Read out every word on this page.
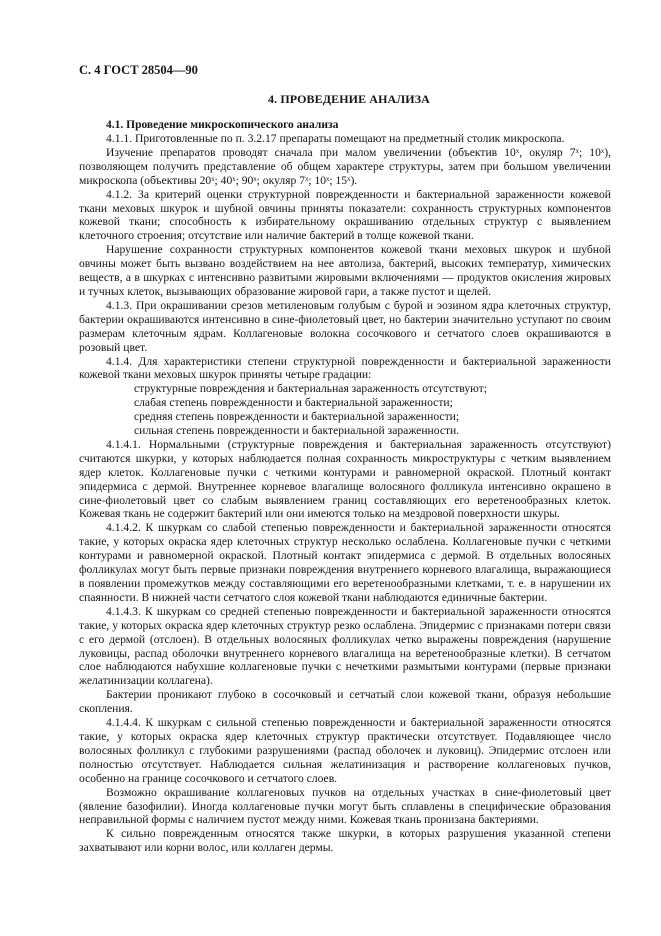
С. 4 ГОСТ 28504—90
4. ПРОВЕДЕНИЕ АНАЛИЗА
4.1. Проведение микроскопического анализа

4.1.1. Приготовленные по п. 3.2.17 препараты помещают на предметный столик микроскопа.

Изучение препаратов проводят сначала при малом увеличении (объектив 10ˣ, окуляр 7ˣ; 10ˣ), позволяющем получить представление об общем характере структуры, затем при большом увеличении микроскопа (объективы 20ˣ; 40ˣ; 90ˣ; окуляр 7ˣ; 10ˣ; 15ˣ).

4.1.2. За критерий оценки структурной поврежденности и бактериальной зараженности кожевой ткани меховых шкурок и шубной овчины приняты показатели: сохранность структурных компонентов кожевой ткани; способность к избирательному окрашиванию отдельных структур с выявлением клеточного строения; отсутствие или наличие бактерий в толще кожевой ткани.

Нарушение сохранности структурных компонентов кожевой ткани меховых шкурок и шубной овчины может быть вызвано воздействием на нее автолиза, бактерий, высоких температур, химических веществ, а в шкурках с интенсивно развитыми жировыми включениями — продуктов окисления жировых и тучных клеток, вызывающих образование жировой гари, а также пустот и щелей.

4.1.3. При окрашивании срезов метиленовым голубым с бурой и эозином ядра клеточных структур, бактерии окрашиваются интенсивно в сине-фиолетовый цвет, но бактерии значительно уступают по своим размерам клеточным ядрам. Коллагеновые волокна сосочкового и сетчатого слоев окрашиваются в розовый цвет.

4.1.4. Для характеристики степени структурной поврежденности и бактериальной зараженности кожевой ткани меховых шкурок приняты четыре градации:

структурные повреждения и бактериальная зараженность отсутствуют;

слабая степень поврежденности и бактериальной зараженности;

средняя степень поврежденности и бактериальной зараженности;

сильная степень поврежденности и бактериальной зараженности.

4.1.4.1. Нормальными (структурные повреждения и бактериальная зараженность отсутствуют) считаются шкурки, у которых наблюдается полная сохранность микроструктуры с четким выявлением ядер клеток. Коллагеновые пучки с четкими контурами и равномерной окраской. Плотный контакт эпидермиса с дермой. Внутреннее корневое влагалище волосяного фолликула интенсивно окрашено в сине-фиолетовый цвет со слабым выявлением границ составляющих его веретенообразных клеток. Кожевая ткань не содержит бактерий или они имеются только на мездровой поверхности шкуры.

4.1.4.2. К шкуркам со слабой степенью поврежденности и бактериальной зараженности относятся такие, у которых окраска ядер клеточных структур несколько ослаблена. Коллагеновые пучки с четкими контурами и равномерной окраской. Плотный контакт эпидермиса с дермой. В отдельных волосяных фолликулах могут быть первые признаки повреждения внутреннего корневого влагалища, выражающиеся в появлении промежутков между составляющими его веретенообразными клетками, т. е. в нарушении их спаянности. В нижней части сетчатого слоя кожевой ткани наблюдаются единичные бактерии.

4.1.4.3. К шкуркам со средней степенью поврежденности и бактериальной зараженности относятся такие, у которых окраска ядер клеточных структур резко ослаблена. Эпидермис с признаками потери связи с его дермой (отслоен). В отдельных волосяных фолликулах четко выражены повреждения (нарушение луковицы, распад оболочки внутреннего корневого влагалища на веретенообразные клетки). В сетчатом слое наблюдаются набухшие коллагеновые пучки с нечеткими размытыми контурами (первые признаки желатинизации коллагена).

Бактерии проникают глубоко в сосочковый и сетчатый слои кожевой ткани, образуя небольшие скопления.

4.1.4.4. К шкуркам с сильной степенью поврежденности и бактериальной зараженности относятся такие, у которых окраска ядер клеточных структур практически отсутствует. Подавляющее число волосяных фолликул с глубокими разрушениями (распад оболочек и луковиц). Эпидермис отслоен или полностью отсутствует. Наблюдается сильная желатинизация и растворение коллагеновых пучков, особенно на границе сосочкового и сетчатого слоев.

Возможно окрашивание коллагеновых пучков на отдельных участках в сине-фиолетовый цвет (явление базофилии). Иногда коллагеновые пучки могут быть сплавлены в специфические образования неправильной формы с наличием пустот между ними. Кожевая ткань пронизана бактериями.

К сильно поврежденным относятся также шкурки, в которых разрушения указанной степени захватывают или корни волос, или коллаген дермы.
